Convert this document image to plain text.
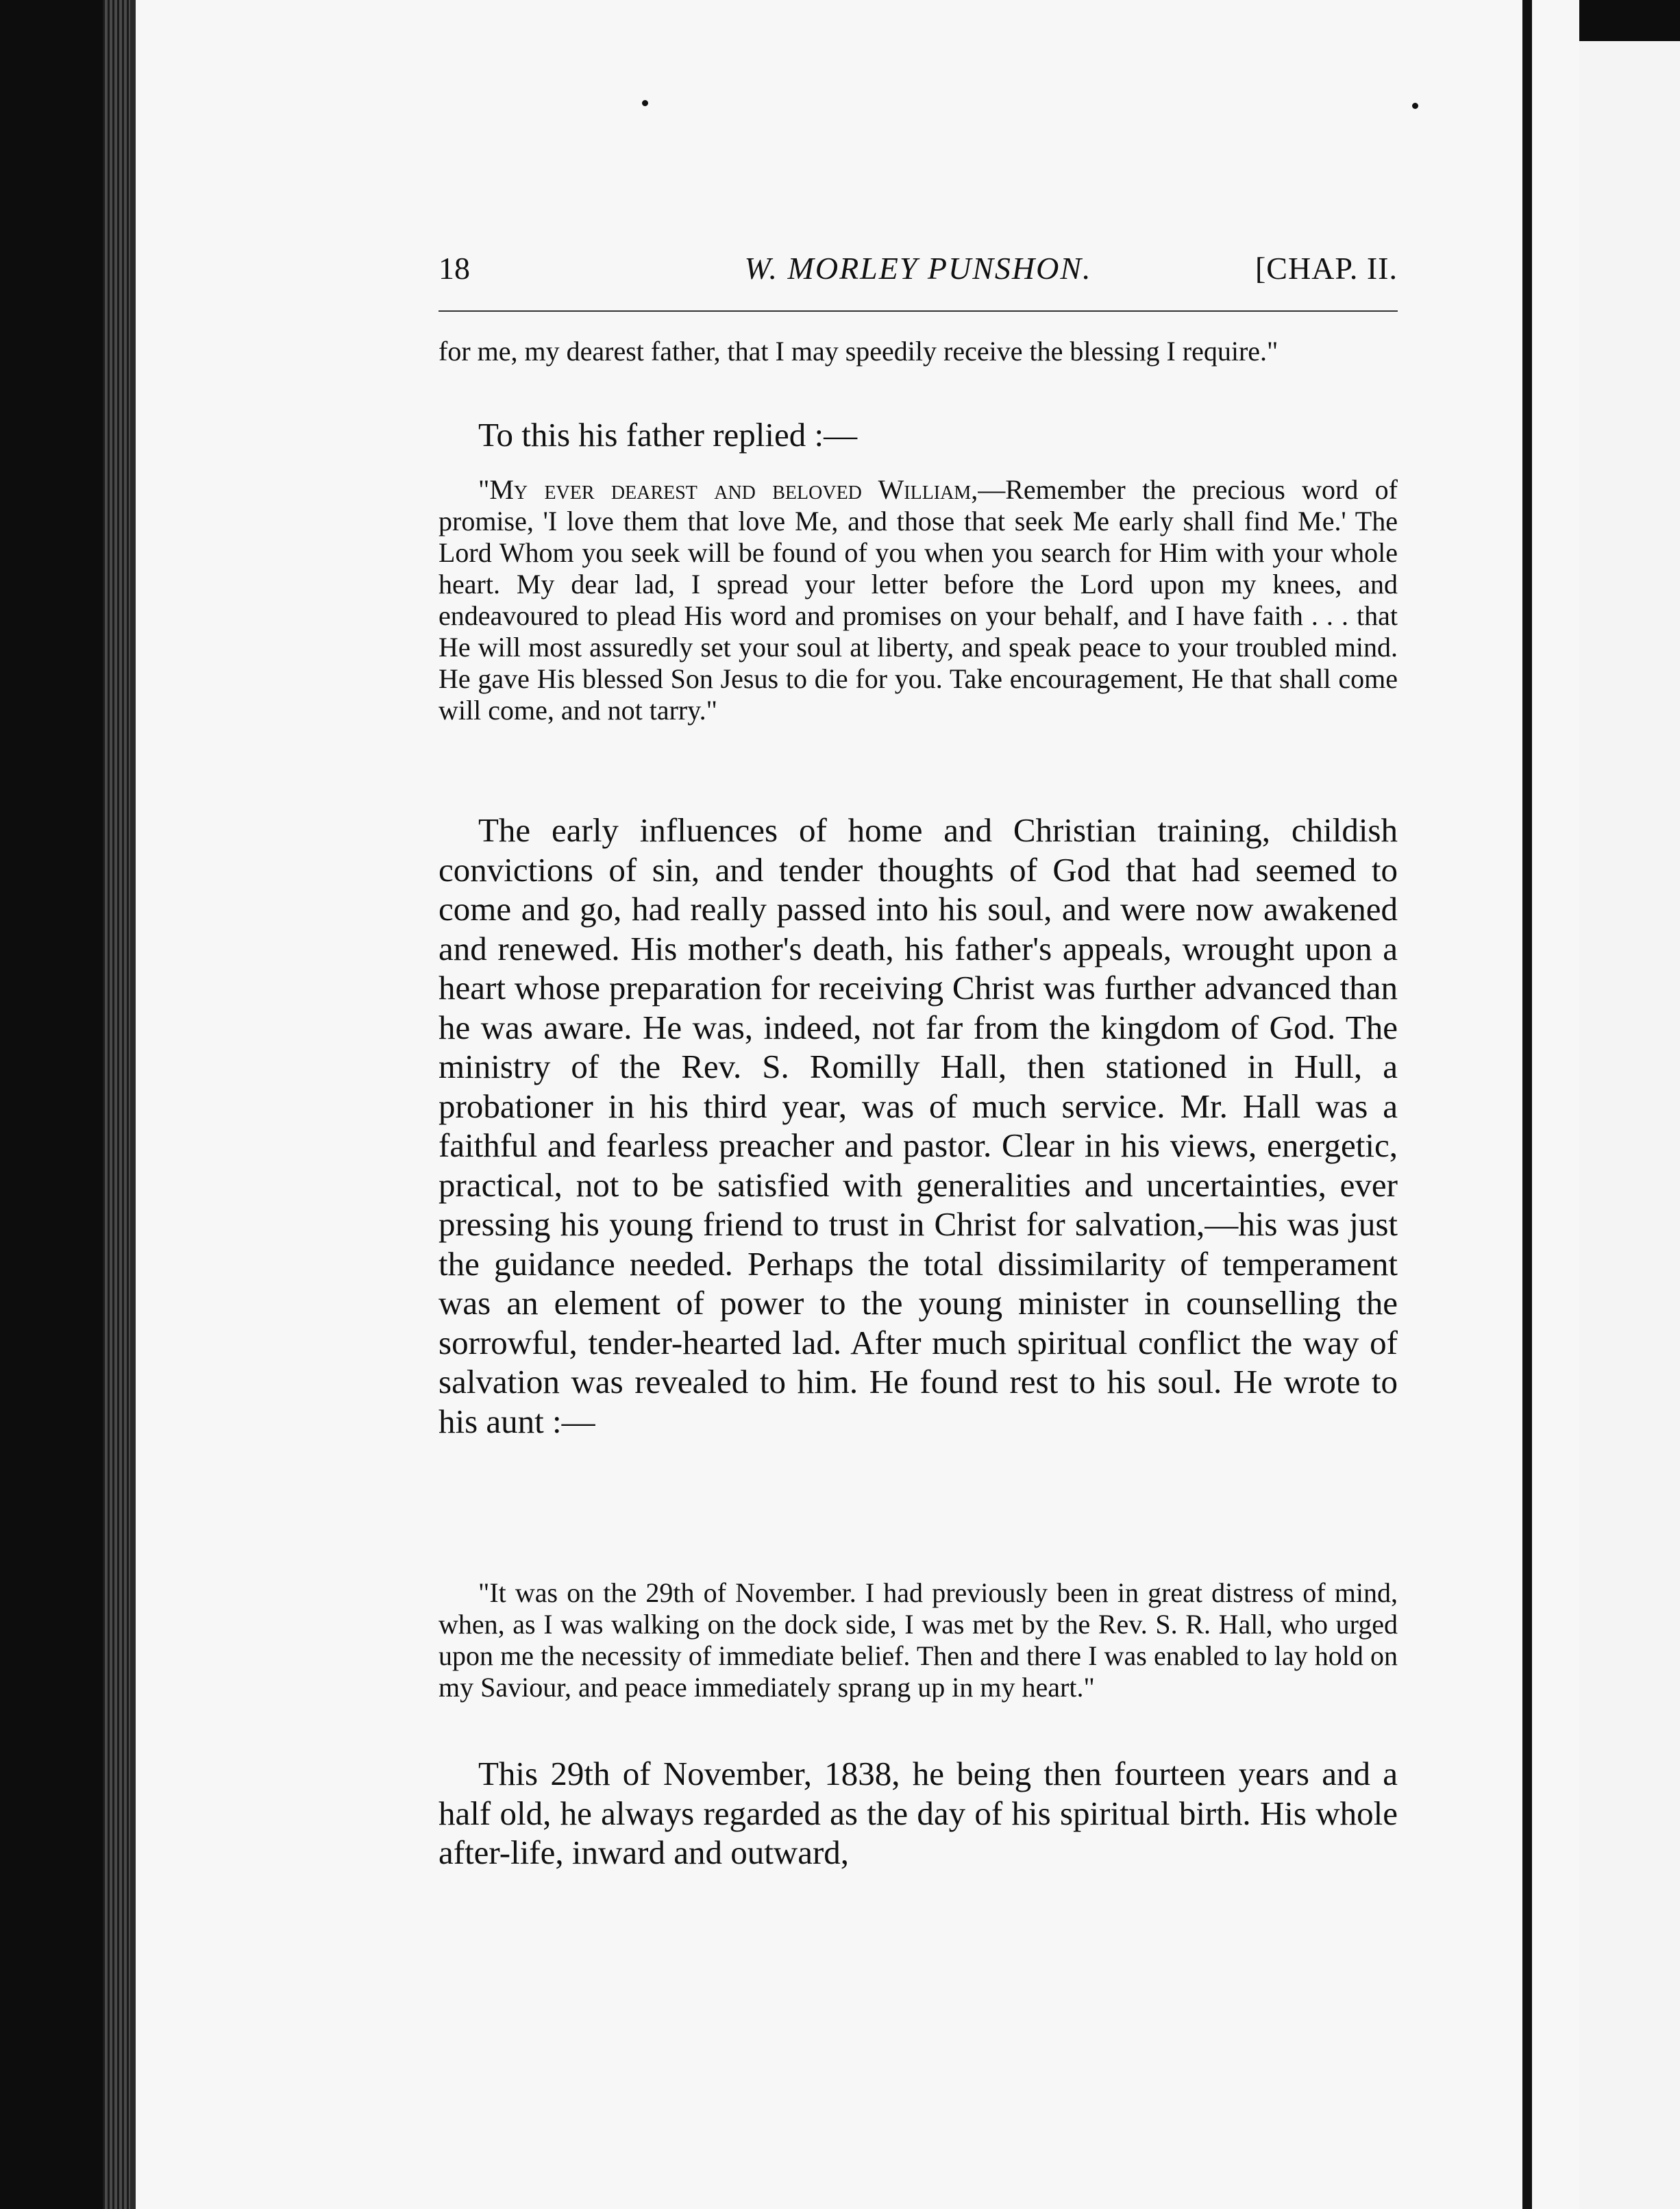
18	W. MORLEY PUNSHON.	[CHAP. II.

for me, my dearest father, that I may speedily receive the blessing I require."

To this his father replied :—

"My ever dearest and beloved William,—Remember the precious word of promise, 'I love them that love Me, and those that seek Me early shall find Me.' The Lord Whom you seek will be found of you when you search for Him with your whole heart. My dear lad, I spread your letter before the Lord upon my knees, and endeavoured to plead His word and promises on your behalf, and I have faith . . . that He will most assuredly set your soul at liberty, and speak peace to your troubled mind. He gave His blessed Son Jesus to die for you. Take encouragement, He that shall come will come, and not tarry."

The early influences of home and Christian training, childish convictions of sin, and tender thoughts of God that had seemed to come and go, had really passed into his soul, and were now awakened and renewed. His mother's death, his father's appeals, wrought upon a heart whose preparation for receiving Christ was further advanced than he was aware. He was, indeed, not far from the kingdom of God. The ministry of the Rev. S. Romilly Hall, then stationed in Hull, a probationer in his third year, was of much service. Mr. Hall was a faithful and fearless preacher and pastor. Clear in his views, energetic, practical, not to be satisfied with generalities and uncertainties, ever pressing his young friend to trust in Christ for salvation,—his was just the guidance needed. Perhaps the total dissimilarity of temperament was an element of power to the young minister in counselling the sorrowful, tender-hearted lad. After much spiritual conflict the way of salvation was revealed to him. He found rest to his soul. He wrote to his aunt :—

"It was on the 29th of November. I had previously been in great distress of mind, when, as I was walking on the dock side, I was met by the Rev. S. R. Hall, who urged upon me the necessity of immediate belief. Then and there I was enabled to lay hold on my Saviour, and peace immediately sprang up in my heart."

This 29th of November, 1838, he being then fourteen years and a half old, he always regarded as the day of his spiritual birth. His whole after-life, inward and outward,
